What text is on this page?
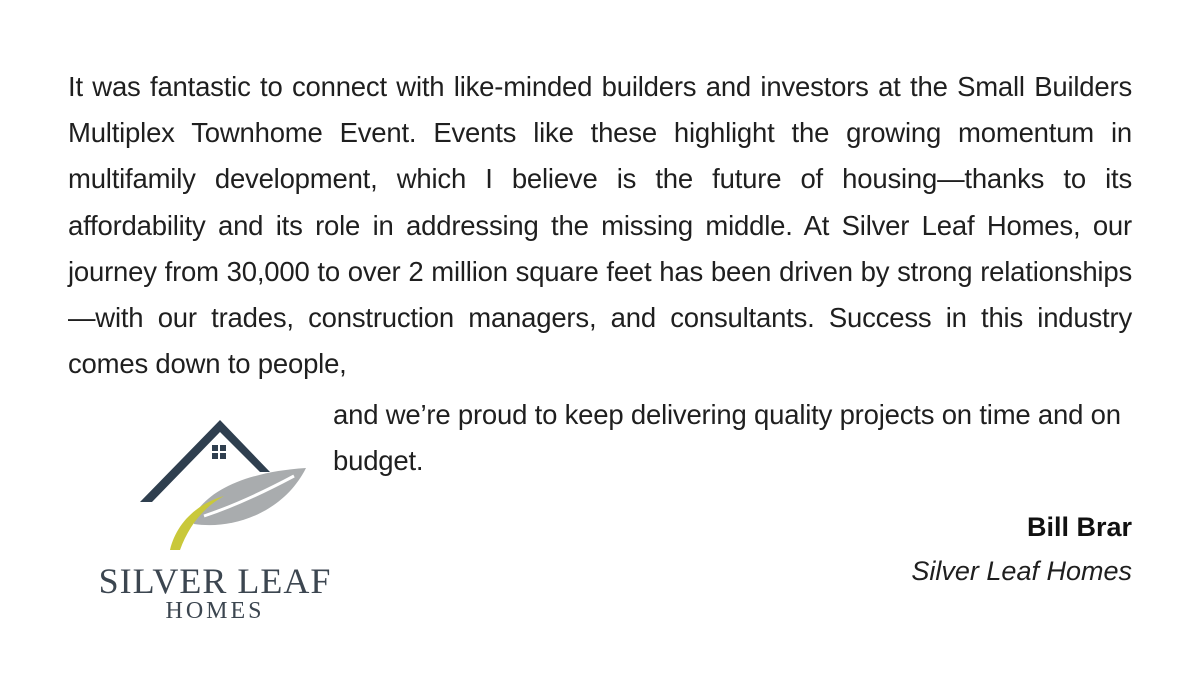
It was fantastic to connect with like-minded builders and investors at the Small Builders Multiplex Townhome Event. Events like these highlight the growing momentum in multifamily development, which I believe is the future of housing—thanks to its affordability and its role in addressing the missing middle. At Silver Leaf Homes, our journey from 30,000 to over 2 million square feet has been driven by strong relationships—with our trades, construction managers, and consultants. Success in this industry comes down to people,

SILVER LEAF
HOMES

and we’re proud to keep delivering quality projects on time and on budget.

Bill Brar
Silver Leaf Homes
